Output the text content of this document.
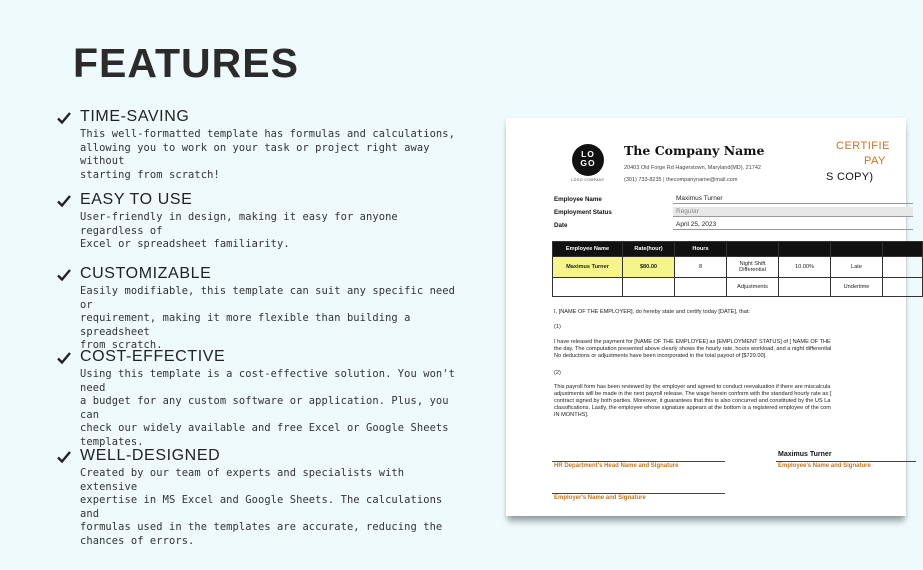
FEATURES
TIME-SAVING
This well-formatted template has formulas and calculations,
allowing you to work on your task or project right away without
starting from scratch!
EASY TO USE
User-friendly in design, making it easy for anyone regardless of
Excel or spreadsheet familiarity.
CUSTOMIZABLE
Easily modifiable, this template can suit any specific need or
requirement, making it more flexible than building a spreadsheet
from scratch.
COST-EFFECTIVE
Using this template is a cost-effective solution. You won't need
a budget for any custom software or application. Plus, you can
check our widely available and free Excel or Google Sheets
templates.
WELL-DESIGNED
Created by our team of experts and specialists with extensive
expertise in MS Excel and Google Sheets. The calculations and
formulas used in the templates are accurate, reducing the
chances of errors.
LO
GO
LOGO COMPANY
The Company Name
20403 Old Forge Rd Hagerstown, Maryland(MD), 21742
(301) 733-8235 | thecompanyname@mail.com
CERTIFIE
PAY
S COPY)
Employee Name	Maximus Turner
Employment Status	Regular
Date	April 25, 2023
Employee Name	Rate(hour)	Hours				
Maximus Turner	$80.00	8	Night Shift Differential	10.00%	Late	
			Adjustments		Undertime	
I, [NAME OF THE EMPLOYER], do hereby state and certify today [DATE], that:
(1)
I have released the payment for [NAME OF THE EMPLOYEE] as [EMPLOYMENT STATUS] of [ NAME OF THE
the day. The computation presented above clearly shows the hourly rate, hours workload, and a night differential
No deductions or adjustments have been incorporated in the total payout of [$729.00].
(2)
This payroll form has been reviewed by the employer and agreed to conduct reevaluation if there are miscalcula
adjustments will be made in the next payroll release. The wage herein conform with the standard hourly rate as [
contract signed by both parties. Moreover, it guarantees that this is also concurred and constituted by the US La
classifications. Lastly, the employee whose signature appears at the bottom is a registered employee of the com
IN MONTHS].
HR Department's Head Name and Signature
Maximus Turner
Employee's Name and Signature
Employer's Name and Signature
